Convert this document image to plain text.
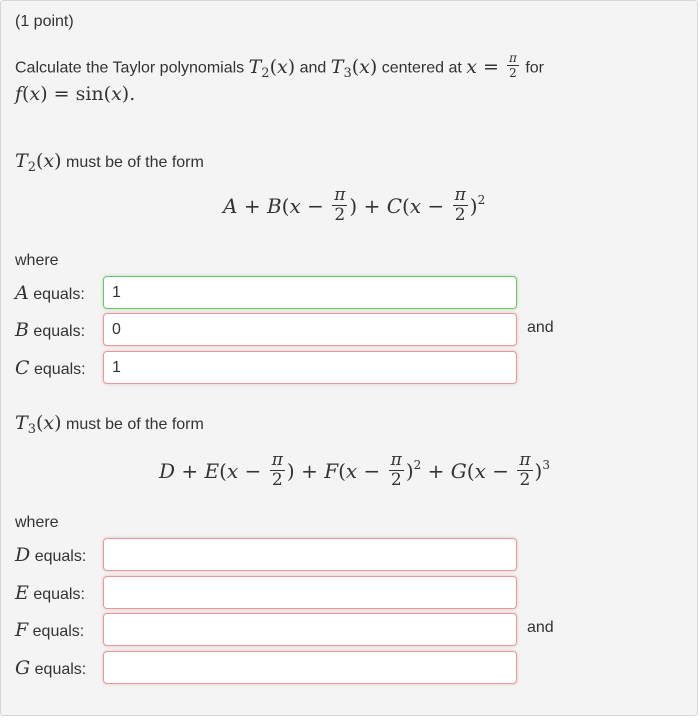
(1 point)
Calculate the Taylor polynomials $T_2(x)$ and $T_3(x)$ centered at $x = \frac{\pi}{2}$ for
f(x) = sin(x).
$T_2(x)$ must be of the form
$A + B(x - \frac{\pi}{2}$ ) + $C(x - \frac{\pi}{2} )^2$
where
A equals:
1
B equals:
0	and
C equals:
1
$T_3(x)$ must be of the form
$D + E(x - \frac{\pi}{2}$ ) + $F(x - \frac{\pi}{2} )^2 + G(x - \frac{\pi}{2} )^3$
where
D equals:
E equals:
F equals:	and
G equals:
